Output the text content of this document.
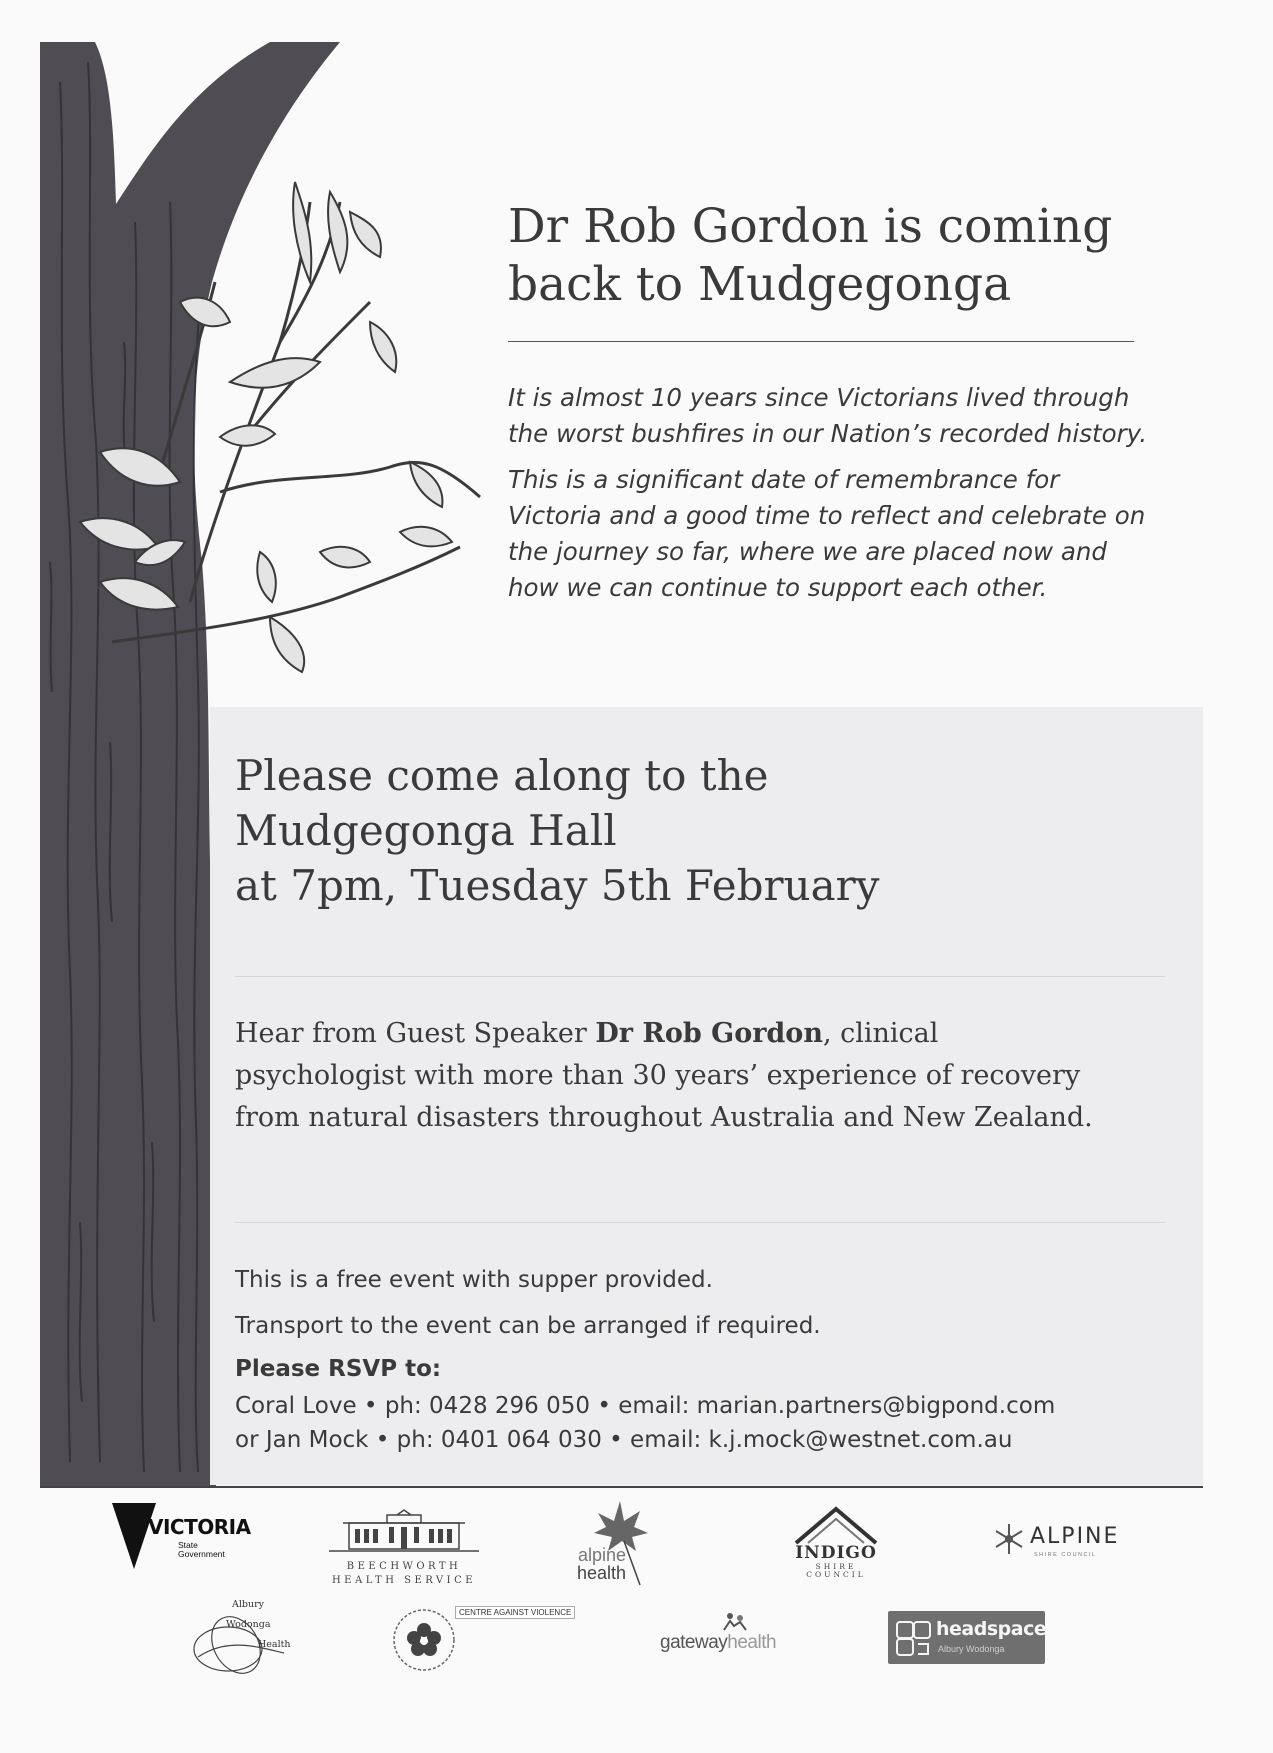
Dr Rob Gordon is coming
back to Mudgegonga

It is almost 10 years since Victorians lived through the worst bushfires in our Nation’s recorded history.

This is a significant date of remembrance for Victoria and a good time to reflect and celebrate on the journey so far, where we are placed now and how we can continue to support each other.

Please come along to the
Mudgegonga Hall
at 7pm, Tuesday 5th February
Hear from Guest Speaker Dr Rob Gordon, clinical psychologist with more than 30 years’ experience of recovery from natural disasters throughout Australia and New Zealand.

This is a free event with supper provided.

Transport to the event can be arranged if required.

Please RSVP to:

Coral Love • ph: 0428 296 050 • email: marian.partners@bigpond.com

or Jan Mock • ph: 0401 064 030 • email: k.j.mock@westnet.com.au

VICTORIA
State
Government
BEECHWORTH
HEALTH SERVICE
alpine
health
INDIGO
SHIRE
COUNCIL
ALPINE
SHIRE COUNCIL
Albury
Wodonga
Health
CENTRE AGAINST VIOLENCE
gatewayhealth
headspace
Albury Wodonga
